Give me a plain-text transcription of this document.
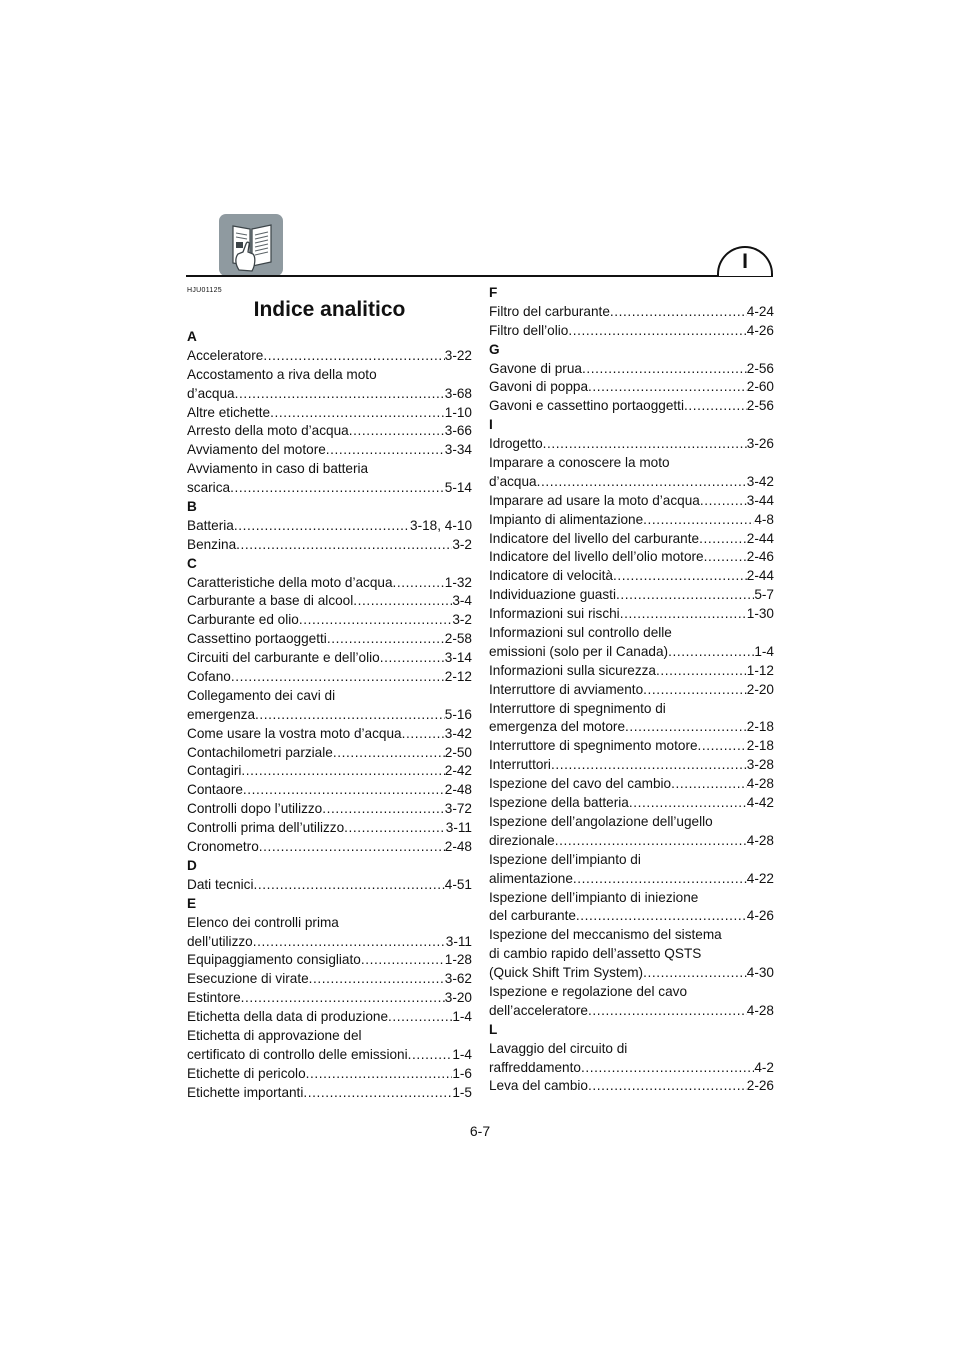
I
HJU01125
Indice analitico
A
Acceleratore .....	3-22
Accostamento a riva della moto
d’acqua .....	3-68
Altre etichette .....	1-10
Arresto della moto d’acqua .....	3-66
Avviamento del motore .....	3-34
Avviamento in caso di batteria
scarica .....	5-14
B
Batteria .....	3-18, 4-10
Benzina .....	3-2
C
Caratteristiche della moto d’acqua .....	1-32
Carburante a base di alcool .....	3-4
Carburante ed olio .....	3-2
Cassettino portaoggetti .....	2-58
Circuiti del carburante e dell’olio .....	3-14
Cofano .....	2-12
Collegamento dei cavi di
emergenza .....	5-16
Come usare la vostra moto d’acqua .....	3-42
Contachilometri parziale .....	2-50
Contagiri .....	2-42
Contaore .....	2-48
Controlli dopo l’utilizzo .....	3-72
Controlli prima dell’utilizzo .....	3-11
Cronometro .....	2-48
D
Dati tecnici .....	4-51
E
Elenco dei controlli prima
dell’utilizzo .....	3-11
Equipaggiamento consigliato .....	1-28
Esecuzione di virate .....	3-62
Estintore .....	3-20
Etichetta della data di produzione .....	1-4
Etichetta di approvazione del
certificato di controllo delle emissioni .....	1-4
Etichette di pericolo .....	1-6
Etichette importanti .....	1-5
F
Filtro del carburante .....	4-24
Filtro dell’olio .....	4-26
G
Gavone di prua .....	2-56
Gavoni di poppa .....	2-60
Gavoni e cassettino portaoggetti .....	2-56
I
Idrogetto .....	3-26
Imparare a conoscere la moto
d’acqua .....	3-42
Imparare ad usare la moto d’acqua .....	3-44
Impianto di alimentazione .....	4-8
Indicatore del livello del carburante .....	2-44
Indicatore del livello dell’olio motore .....	2-46
Indicatore di velocità .....	2-44
Individuazione guasti .....	5-7
Informazioni sui rischi .....	1-30
Informazioni sul controllo delle
emissioni (solo per il Canada) .....	1-4
Informazioni sulla sicurezza .....	1-12
Interruttore di avviamento .....	2-20
Interruttore di spegnimento di
emergenza del motore .....	2-18
Interruttore di spegnimento motore .....	2-18
Interruttori .....	3-28
Ispezione del cavo del cambio .....	4-28
Ispezione della batteria .....	4-42
Ispezione dell’angolazione dell’ugello
direzionale .....	4-28
Ispezione dell’impianto di
alimentazione .....	4-22
Ispezione dell’impianto di iniezione
del carburante .....	4-26
Ispezione del meccanismo del sistema
di cambio rapido dell’assetto QSTS
(Quick Shift Trim System) .....	4-30
Ispezione e regolazione del cavo
dell’acceleratore .....	4-28
L
Lavaggio del circuito di
raffreddamento .....	4-2
Leva del cambio .....	2-26
6-7
